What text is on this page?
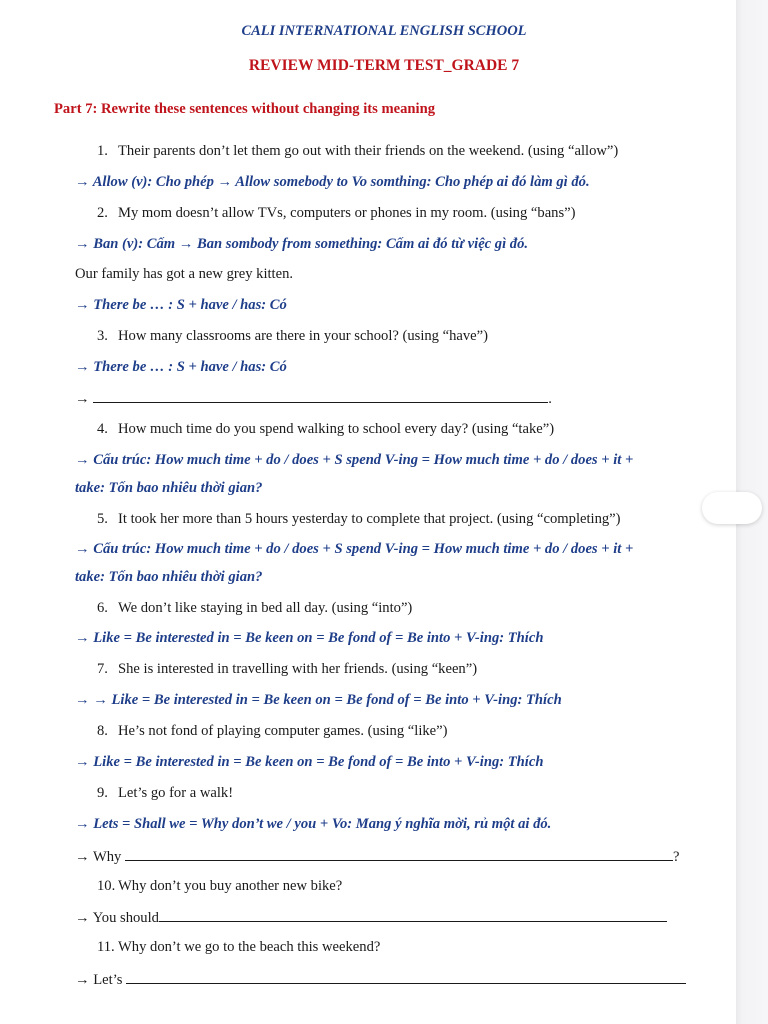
CALI INTERNATIONAL ENGLISH SCHOOL
REVIEW MID-TERM TEST_GRADE 7
Part 7: Rewrite these sentences without changing its meaning
1. Their parents don’t let them go out with their friends on the weekend. (using “allow”)
→ Allow (v): Cho phép → Allow somebody to Vo somthing: Cho phép ai đó làm gì đó.
2. My mom doesn’t allow TVs, computers or phones in my room. (using “bans”)
→ Ban (v): Cấm → Ban sombody from something: Cấm ai đó từ việc gì đó.
Our family has got a new grey kitten.
→ There be … : S + have / has: Có
3. How many classrooms are there in your school? (using “have”)
→ There be … : S + have / has: Có
→	.
4. How much time do you spend walking to school every day? (using “take”)
→ Cấu trúc: How much time + do / does + S spend V-ing = How much time + do / does + it +
take: Tốn bao nhiêu thời gian?
5. It took her more than 5 hours yesterday to complete that project. (using “completing”)
→ Cấu trúc: How much time + do / does + S spend V-ing = How much time + do / does + it +
take: Tốn bao nhiêu thời gian?
6. We don’t like staying in bed all day. (using “into”)
→ Like = Be interested in = Be keen on = Be fond of = Be into + V-ing: Thích
7. She is interested in travelling with her friends. (using “keen”)
→ → Like = Be interested in = Be keen on = Be fond of = Be into + V-ing: Thích
8. He’s not fond of playing computer games. (using “like”)
→ Like = Be interested in = Be keen on = Be fond of = Be into + V-ing: Thích
9. Let’s go for a walk!
→ Lets = Shall we = Why don’t we / you + Vo: Mang ý nghĩa mời, rủ một ai đó.
→ Why	?
10. Why don’t you buy another new bike?
→ You should
11. Why don’t we go to the beach this weekend?
→ Let’s
